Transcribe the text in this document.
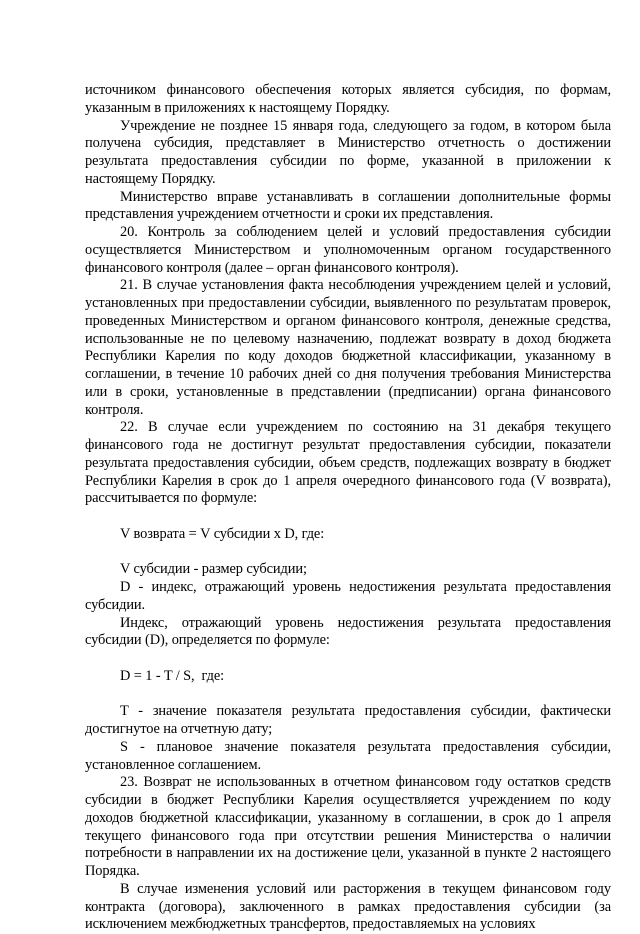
источником финансового обеспечения которых является субсидия, по формам, указанным в приложениях к настоящему Порядку.

Учреждение не позднее 15 января года, следующего за годом, в котором была получена субсидия, представляет в Министерство отчетность о достижении результата предоставления субсидии по форме, указанной в приложении к настоящему Порядку.

Министерство вправе устанавливать в соглашении дополнительные формы представления учреждением отчетности и сроки их представления.

20. Контроль за соблюдением целей и условий предоставления субсидии осуществляется Министерством и уполномоченным органом государственного финансового контроля (далее – орган финансового контроля).

21. В случае установления факта несоблюдения учреждением целей и условий, установленных при предоставлении субсидии, выявленного по результатам проверок, проведенных Министерством и органом финансового контроля, денежные средства, использованные не по целевому назначению, подлежат возврату в доход бюджета Республики Карелия по коду доходов бюджетной классификации, указанному в соглашении, в течение 10 рабочих дней со дня получения требования Министерства или в сроки, установленные в представлении (предписании) органа финансового контроля.

22. В случае если учреждением по состоянию на 31 декабря текущего финансового года не достигнут результат предоставления субсидии, показатели результата предоставления субсидии, объем средств, подлежащих возврату в бюджет Республики Карелия в срок до 1 апреля очередного финансового года (V возврата), рассчитывается по формуле:

V возврата = V субсидии x D, где:

V субсидии - размер субсидии;

D - индекс, отражающий уровень недостижения результата предоставления субсидии.

Индекс, отражающий уровень недостижения результата предоставления субсидии (D), определяется по формуле:

D = 1 - T / S,  где:

T - значение показателя результата предоставления субсидии, фактически достигнутое на отчетную дату;

S - плановое значение показателя результата предоставления субсидии, установленное соглашением.

23. Возврат не использованных в отчетном финансовом году остатков средств субсидии в бюджет Республики Карелия осуществляется учреждением по коду доходов бюджетной классификации, указанному в соглашении, в срок до 1 апреля текущего финансового года при отсутствии решения Министерства о наличии потребности в направлении их на достижение цели, указанной в пункте 2 настоящего Порядка.

В случае изменения условий или расторжения в текущем финансовом году контракта (договора), заключенного в рамках предоставления субсидии (за исключением межбюджетных трансфертов, предоставляемых на условиях
